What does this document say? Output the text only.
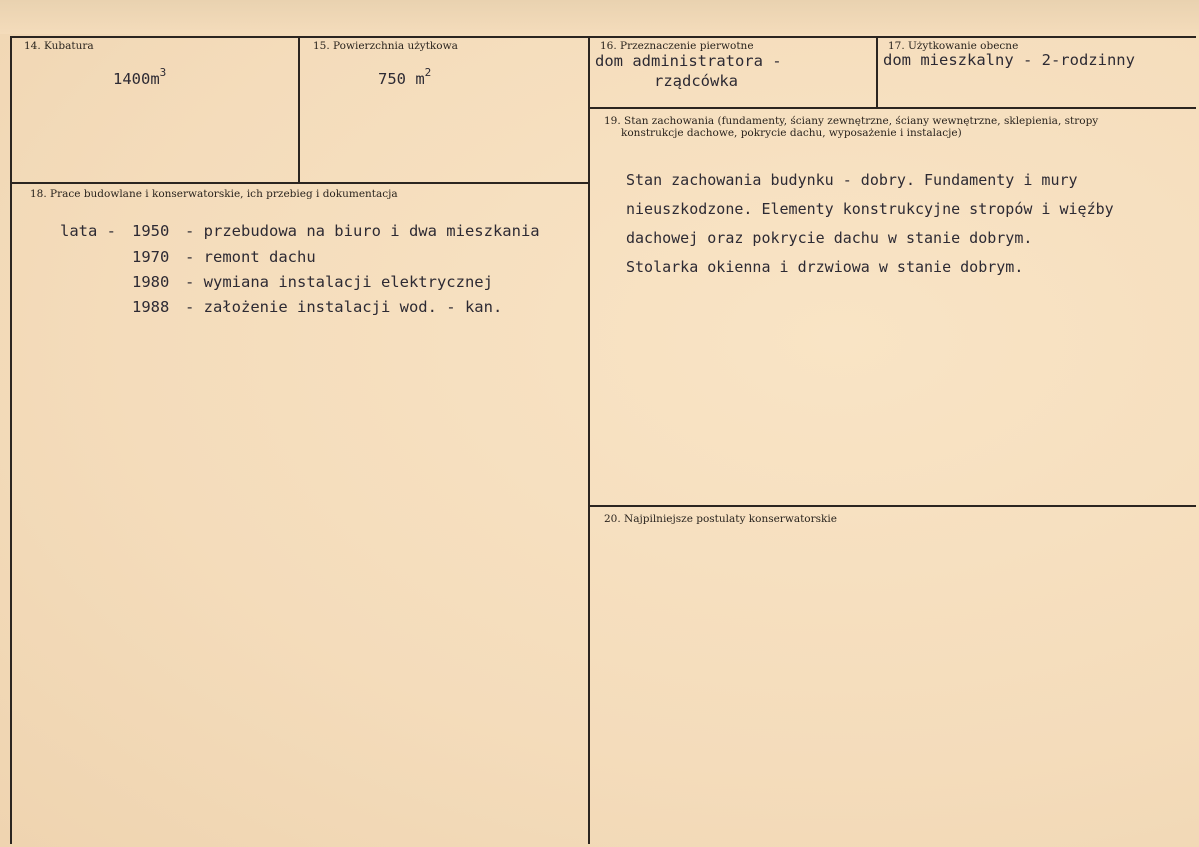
14. Kubatura
$1400m^3$
15. Powierzchnia użytkowa
750 $m^2$
16. Przeznaczenie pierwotne
dom administratora -
rządcówka
17. Użytkowanie obecne
dom mieszkalny - 2-rodzinny
18. Prace budowlane i konserwatorskie, ich przebieg i dokumentacja
lata - 1950 - przebudowa na biuro i dwa mieszkania
1970 - remont dachu
1980 - wymiana instalacji elektrycznej
1988 - założenie instalacji wod. - kan.
19. Stan zachowania (fundamenty, ściany zewnętrzne, ściany wewnętrzne, sklepienia, stropy
konstrukcje dachowe, pokrycie dachu, wyposażenie i instalacje)
Stan zachowania budynku - dobry. Fundamenty i mury
nieuszkodzone. Elementy konstrukcyjne stropów i więźby
dachowej oraz pokrycie dachu w stanie dobrym.
Stolarka okienna i drzwiowa w stanie dobrym.
20. Najpilniejsze postulaty konserwatorskie
